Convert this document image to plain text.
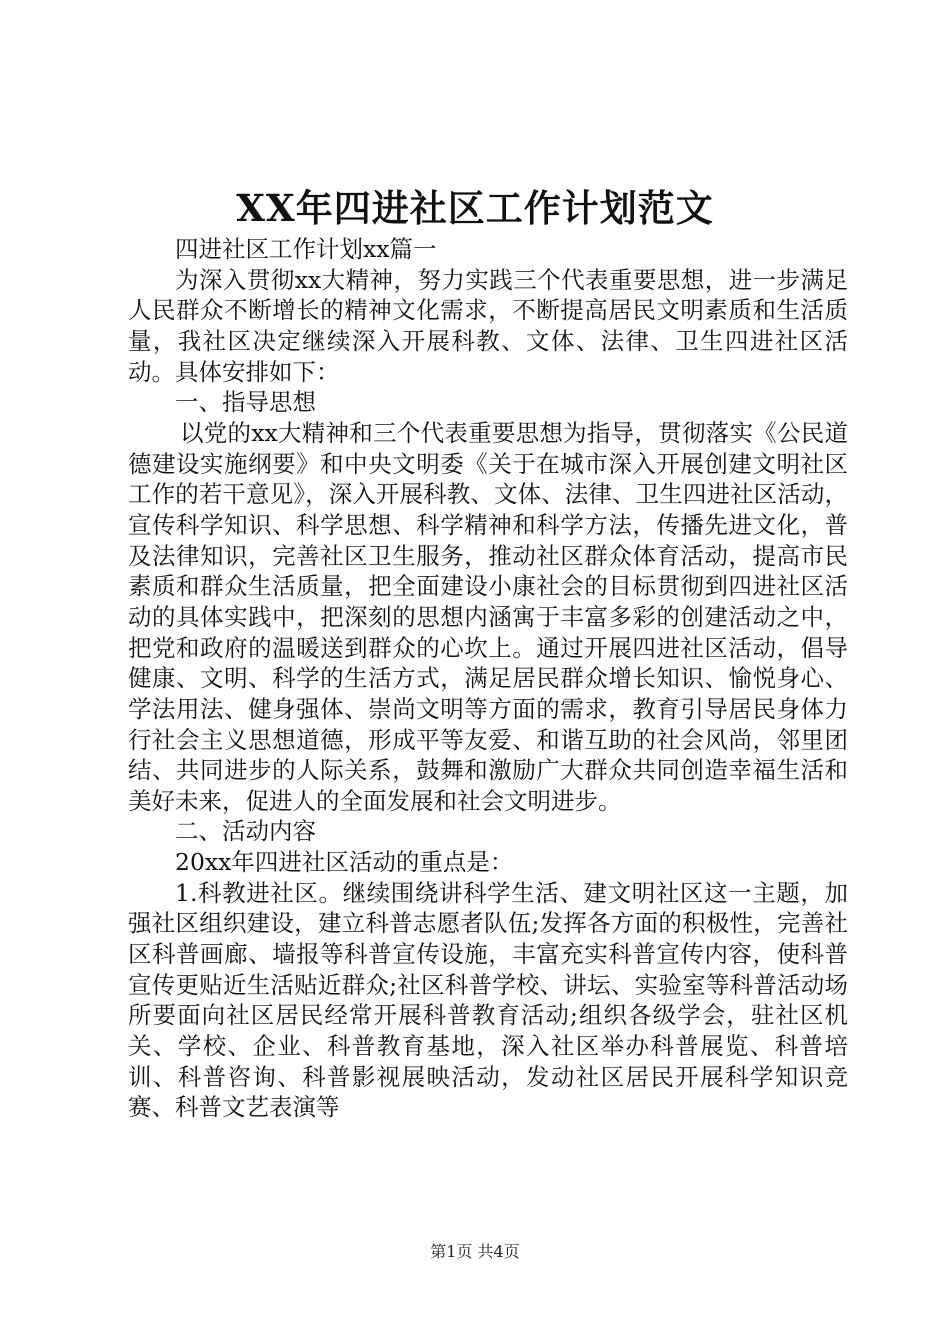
XX年四进社区工作计划范文

四进社区工作计划xx篇一

为深入贯彻xx大精神，努力实践三个代表重要思想，进一步满足人民群众不断增长的精神文化需求，不断提高居民文明素质和生活质量，我社区决定继续深入开展科教、文体、法律、卫生四进社区活动。具体安排如下：

一、指导思想

以党的xx大精神和三个代表重要思想为指导，贯彻落实《公民道德建设实施纲要》和中央文明委《关于在城市深入开展创建文明社区工作的若干意见》，深入开展科教、文体、法律、卫生四进社区活动，宣传科学知识、科学思想、科学精神和科学方法，传播先进文化，普及法律知识，完善社区卫生服务，推动社区群众体育活动，提高市民素质和群众生活质量，把全面建设小康社会的目标贯彻到四进社区活动的具体实践中，把深刻的思想内涵寓于丰富多彩的创建活动之中，把党和政府的温暖送到群众的心坎上。通过开展四进社区活动，倡导健康、文明、科学的生活方式，满足居民群众增长知识、愉悦身心、学法用法、健身强体、崇尚文明等方面的需求，教育引导居民身体力行社会主义思想道德，形成平等友爱、和谐互助的社会风尚，邻里团结、共同进步的人际关系，鼓舞和激励广大群众共同创造幸福生活和美好未来，促进人的全面发展和社会文明进步。

二、活动内容

20xx年四进社区活动的重点是：

1.科教进社区。继续围绕讲科学生活、建文明社区这一主题，加强社区组织建设，建立科普志愿者队伍;发挥各方面的积极性，完善社区科普画廊、墙报等科普宣传设施，丰富充实科普宣传内容，使科普宣传更贴近生活贴近群众;社区科普学校、讲坛、实验室等科普活动场所要面向社区居民经常开展科普教育活动;组织各级学会，驻社区机关、学校、企业、科普教育基地，深入社区举办科普展览、科普培训、科普咨询、科普影视展映活动，发动社区居民开展科学知识竞赛、科普文艺表演等

第1页 共4页
